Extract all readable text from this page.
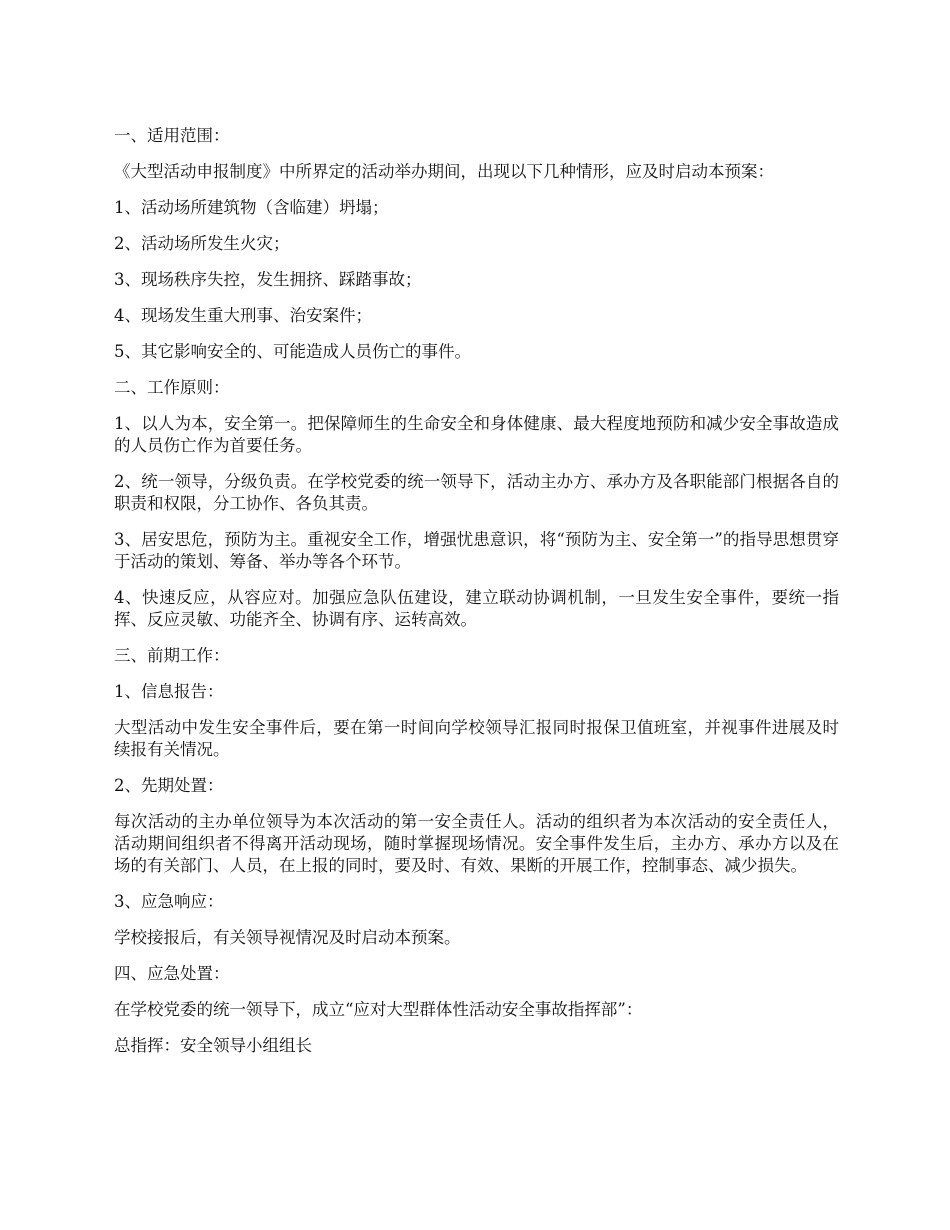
一、适用范围：

《大型活动申报制度》中所界定的活动举办期间，出现以下几种情形，应及时启动本预案：

1、活动场所建筑物（含临建）坍塌；

2、活动场所发生火灾；

3、现场秩序失控，发生拥挤、踩踏事故；

4、现场发生重大刑事、治安案件；

5、其它影响安全的、可能造成人员伤亡的事件。

二、工作原则：

1、以人为本，安全第一。把保障师生的生命安全和身体健康、最大程度地预防和减少安全事故造成的人员伤亡作为首要任务。

2、统一领导，分级负责。在学校党委的统一领导下，活动主办方、承办方及各职能部门根据各自的职责和权限，分工协作、各负其责。

3、居安思危，预防为主。重视安全工作，增强忧患意识，将“预防为主、安全第一”的指导思想贯穿于活动的策划、筹备、举办等各个环节。

4、快速反应，从容应对。加强应急队伍建设，建立联动协调机制，一旦发生安全事件，要统一指挥、反应灵敏、功能齐全、协调有序、运转高效。

三、前期工作：

1、信息报告：

大型活动中发生安全事件后，要在第一时间向学校领导汇报同时报保卫值班室，并视事件进展及时续报有关情况。

2、先期处置：

每次活动的主办单位领导为本次活动的第一安全责任人。活动的组织者为本次活动的安全责任人，活动期间组织者不得离开活动现场，随时掌握现场情况。安全事件发生后，主办方、承办方以及在场的有关部门、人员，在上报的同时，要及时、有效、果断的开展工作，控制事态、减少损失。

3、应急响应：

学校接报后，有关领导视情况及时启动本预案。

四、应急处置：

在学校党委的统一领导下，成立“应对大型群体性活动安全事故指挥部”：

总指挥：安全领导小组组长
